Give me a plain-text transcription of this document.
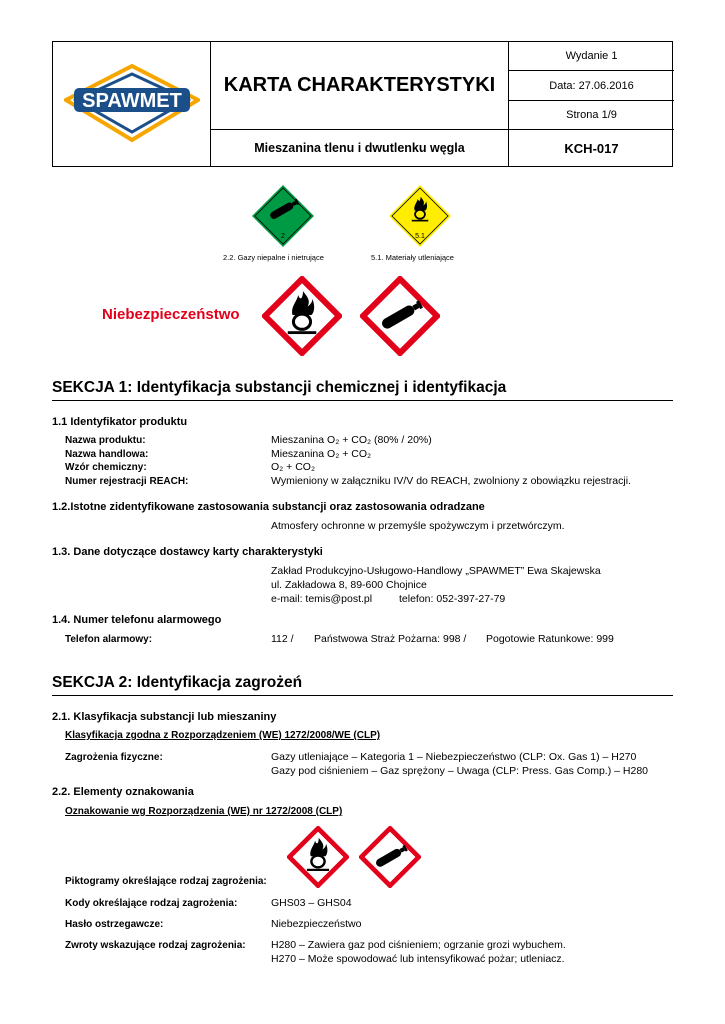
SPAWMET
KARTA CHARAKTERYSTYKI
Wydanie 1
Data: 27.06.2016
Strona 1/9
Mieszanina tlenu i dwutlenku węgla	KCH-017
2	5.1
2.2. Gazy niepalne i nietrujące	5.1. Materiały utleniające
Niebezpieczeństwo
SEKCJA 1: Identyfikacja substancji chemicznej i identyfikacja
1.1 Identyfikator produktu
Nazwa produktu:	Mieszanina O₂ + CO₂ (80% / 20%)
Nazwa handlowa:	Mieszanina O₂ + CO₂
Wzór chemiczny:	O₂ + CO₂
Numer rejestracji REACH:	Wymieniony w załączniku IV/V do REACH, zwolniony z obowiązku rejestracji.
1.2.Istotne zidentyfikowane zastosowania substancji oraz zastosowania odradzane
Atmosfery ochronne w przemyśle spożywczym i przetwórczym.
1.3. Dane dotyczące dostawcy karty charakterystyki
Zakład Produkcyjno-Usługowo-Handlowy „SPAWMET” Ewa Skajewska
ul. Zakładowa 8, 89-600 Chojnice
e-mail: temis@post.pl	telefon: 052-397-27-79
1.4. Numer telefonu alarmowego
Telefon alarmowy:	112 / Państwowa Straż Pożarna: 998 / Pogotowie Ratunkowe: 999
SEKCJA 2: Identyfikacja zagrożeń
2.1. Klasyfikacja substancji lub mieszaniny
Klasyfikacja zgodna z Rozporządzeniem (WE) 1272/2008/WE (CLP)
Zagrożenia fizyczne:	Gazy utleniające – Kategoria 1 – Niebezpieczeństwo (CLP: Ox. Gas 1) – H270
Gazy pod ciśnieniem – Gaz sprężony – Uwaga (CLP: Press. Gas Comp.) – H280
2.2. Elementy oznakowania
Oznakowanie wg Rozporządzenia (WE) nr 1272/2008 (CLP)
Piktogramy określające rodzaj zagrożenia:
Kody określające rodzaj zagrożenia:	GHS03 – GHS04
Hasło ostrzegawcze:	Niebezpieczeństwo
Zwroty wskazujące rodzaj zagrożenia: H280 – Zawiera gaz pod ciśnieniem; ogrzanie grozi wybuchem.
H270 – Może spowodować lub intensyfikować pożar; utleniacz.
